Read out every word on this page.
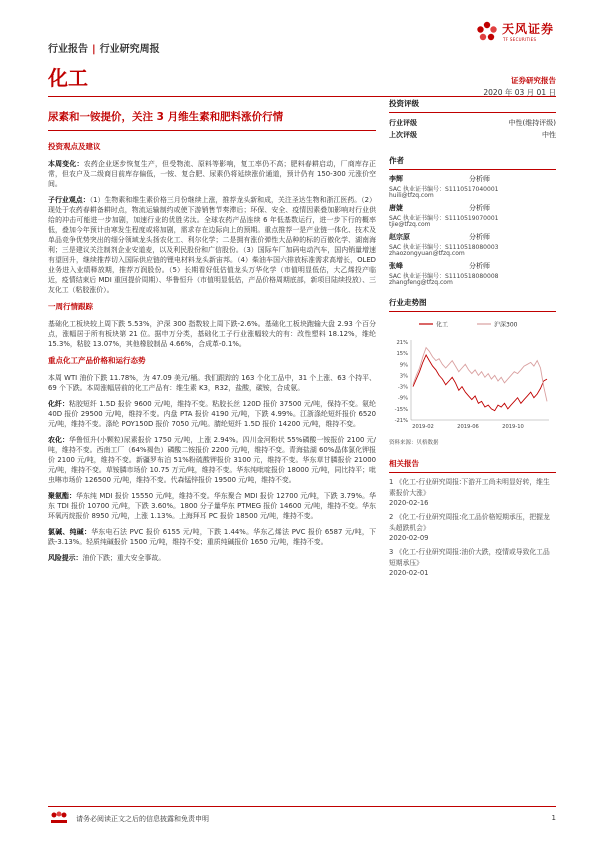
行业报告 | 行业研究周报
天风证券
TF SECURITIES
化工	证券研究报告
2020 年 03 月 01 日
尿素和一铵提价，关注 3 月维生素和肥料涨价行情
投资观点及建议

本周变化：农药企业逐步恢复生产，但受物流、原料等影响，复工率仍不高；肥料春耕启动，厂商库存正常，但农户及二级商目前库存偏低，一铵、复合肥、尿素仍将延续涨价通道，预计仍有 150-300 元涨价空间。

子行业观点：（1）生物素和维生素价格三月份继续上涨，推荐龙头新和成，关注圣达生物和浙江医药。（2）现处于农药春耕备耕时点，物流运输制约或使下游销售节奏滞后；环保、安全、疫情因素叠加影响对行业供给的冲击可能进一步加剧，加速行业的优胜劣汰。全球农药产品连续 6 年低基数运行，进一步下行的概率低，叠加今年预计由寒发生程度或将加剧，需求存在边际向上的预期。重点推荐一是产业链一体化、技术及单品竞争优势突出的细分领域龙头扬农化工、利尔化学；二是拥有涨价弹性大品种的标的百傲化学、湖南海利；三是建议关注制剂企业安道麦，以及利民股份和广信股份。（3）国际车厂加码电动汽车，国内销量增速有望回升，继续推荐切入国际供应链的锂电材料龙头新宙邦。（4）柴油车国六排放标准需求高增长，OLED 业务进入业绩释放期，推荐万润股份。（5）长期看好低估值龙头万华化学（市值明显低估，大乙烯投产临近，疫情结束后 MDI 重回提价周期）、华鲁恒升（市值明显低估，产品价格周期底部，新项目陆续投放）、三友化工（粘胶涨价）。

一周行情跟踪

基础化工板块较上周下跌 5.53%，沪深 300 指数较上周下跌-2.6%。基础化工板块跑输大盘 2.93 个百分点，涨幅居于所有板块第 21 位。据申万分类，基础化工子行业涨幅较大的有：改性塑料 18.12%，维纶 15.3%，粘胶 13.07%，其他橡胶制品 4.66%，合成革-0.1%。

重点化工产品价格和运行态势

本周 WTI 油价下跌 11.78%，为 47.09 美元/桶。我们跟踪的 163 个化工品中，31 个上涨、63 个持平、69 个下跌。本周涨幅居前的化工产品有：维生素 K3，R32，盐酸，碳铵，合成氨。

化纤：粘胶短纤 1.5D 报价 9600 元/吨，维持不变。粘胶长丝 120D 报价 37500 元/吨，保持不变。氨纶 40D 报价 29500 元/吨，维持不变。内盘 PTA 报价 4190 元/吨，下跌 4.99%。江浙涤纶短纤报价 6520 元/吨，维持不变。涤纶 POY150D 报价 7050 元/吨。腈纶短纤 1.5D 报价 14200 元/吨，维持不变。

农化：华鲁恒升(小颗粒)尿素报价 1750 元/吨，上涨 2.94%。四川金河粉状 55%磷酸一铵报价 2100 元/吨，维持不变。西南工厂（64%褐色）磷酸二铵报价 2200 元/吨，维持不变。青海盐湖 60%晶体氯化钾报价 2100 元/吨，维持不变。新疆罗布泊 51%粉硫酸钾报价 3100 元，维持不变。华东草甘膦报价 21000 元/吨，维持不变。草铵膦市场价 10.75 万元/吨，维持不变。华东纯吡啶报价 18000 元/吨，同比持平；吡虫啉市场价 126500 元/吨，维持不变。代森锰锌报价 19500 元/吨，维持不变。

聚氨酯：华东纯 MDI 报价 15550 元/吨，维持不变。华东聚合 MDI 报价 12700 元/吨，下跌 3.79%。华东 TDI 报价 10700 元/吨，下跌 3.60%。1800 分子量华东 PTMEG 报价 14600 元/吨，维持不变。华东环氧丙烷报价 8950 元/吨，上涨 1.13%。上海拜耳 PC 报价 18500 元/吨，维持不变。

氯碱、纯碱：华东电石法 PVC 报价 6155 元/吨，下跌 1.44%。华东乙烯法 PVC 报价 6587 元/吨，下跌-3.13%。轻质纯碱报价 1500 元/吨，维持不变；重质纯碱报价 1650 元/吨，维持不变。

风险提示：油价下跌；重大安全事故。

投资评级
行业评级	中性(维持评级)
上次评级	中性
作者
李辉	分析师
SAC 执业证书编号：S1110517040001
huili@tfzq.com
唐婕	分析师
SAC 执业证书编号：S1110519070001
tjie@tfzq.com
赵宗原	分析师
SAC 执业证书编号：S1110518080003
zhaozongyuan@tfzq.com
张峰	分析师
SAC 执业证书编号：S1110518080008
zhangfeng@tfzq.com
行业走势图
化工	沪深300
21%
15%
9%
3%
-3%
-9%
-15%
-21%
2019-02	2019-06	2019-10
资料来源：贝格数据
相关报告
1 《化工-行业研究周报:下游开工尚未明显好转，维生素报价大涨》
2020-02-16
2 《化工-行业研究周报:化工品价格短期承压，把握龙头超跌机会》
2020-02-09
3 《化工-行业研究周报:油价大跌，疫情或导致化工品短期承压》
2020-02-01
请务必阅读正文之后的信息披露和免责申明	1
